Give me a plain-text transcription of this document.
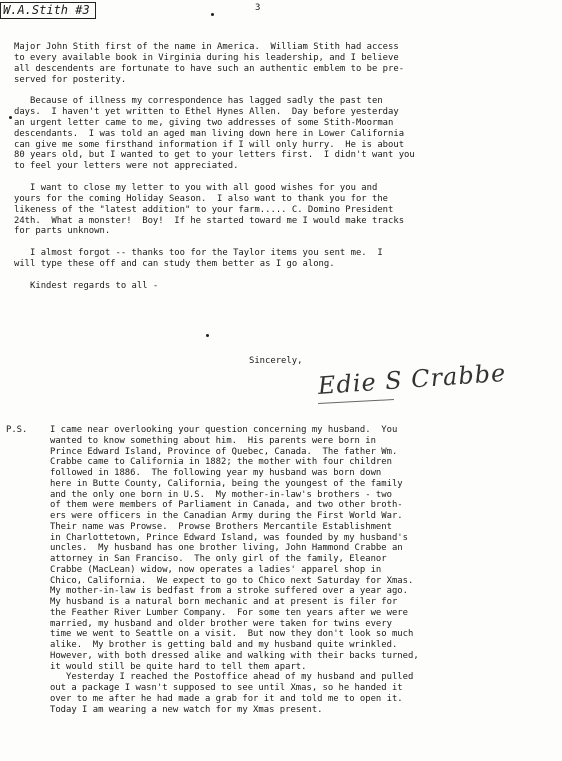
W.A.Stith #3	3
Major John Stith first of the name in America.  William Stith had access
to every available book in Virginia during his leadership, and I believe
all descendents are fortunate to have such an authentic emblem to be pre-
served for posterity.
Because of illness my correspondence has lagged sadly the past ten
days.  I haven't yet written to Ethel Hynes Allen.  Day before yesterday
an urgent letter came to me, giving two addresses of some Stith-Moorman
descendants.  I was told an aged man living down here in Lower California
can give me some firsthand information if I will only hurry.  He is about
80 years old, but I wanted to get to your letters first.  I didn't want you
to feel your letters were not appreciated.
I want to close my letter to you with all good wishes for you and
yours for the coming Holiday Season.  I also want to thank you for the
likeness of the "latest addition" to your farm..... C. Domino President
24th.  What a monster!  Boy!  If he started toward me I would make tracks
for parts unknown.
I almost forgot -- thanks too for the Taylor items you sent me.  I
will type these off and can study them better as I go along.
Kindest regards to all -
Sincerely, Edie S Crabbe
P.S.	I came near overlooking your question concerning my husband.  You
wanted to know something about him.  His parents were born in
Prince Edward Island, Province of Quebec, Canada.  The father Wm.
Crabbe came to California in 1882; the mother with four children
followed in 1886.  The following year my husband was born down
here in Butte County, California, being the youngest of the family
and the only one born in U.S.  My mother-in-law's brothers - two
of them were members of Parliament in Canada, and two other broth-
ers were officers in the Canadian Army during the First World War.
Their name was Prowse.  Prowse Brothers Mercantile Establishment
in Charlottetown, Prince Edward Island, was founded by my husband's
uncles.  My husband has one brother living, John Hammond Crabbe an
attorney in San Franciso.  The only girl of the family, Eleanor
Crabbe (MacLean) widow, now operates a ladies' apparel shop in
Chico, California.  We expect to go to Chico next Saturday for Xmas.
My mother-in-law is bedfast from a stroke suffered over a year ago.
My husband is a natural born mechanic and at present is filer for
the Feather River Lumber Company.  For some ten years after we were
married, my husband and older brother were taken for twins every
time we went to Seattle on a visit.  But now they don't look so much
alike.  My brother is getting bald and my husband quite wrinkled.
However, with both dressed alike and walking with their backs turned,
it would still be quite hard to tell them apart.
Yesterday I reached the Postoffice ahead of my husband and pulled
out a package I wasn't supposed to see until Xmas, so he handed it
over to me after he had made a grab for it and told me to open it.
Today I am wearing a new watch for my Xmas present.
